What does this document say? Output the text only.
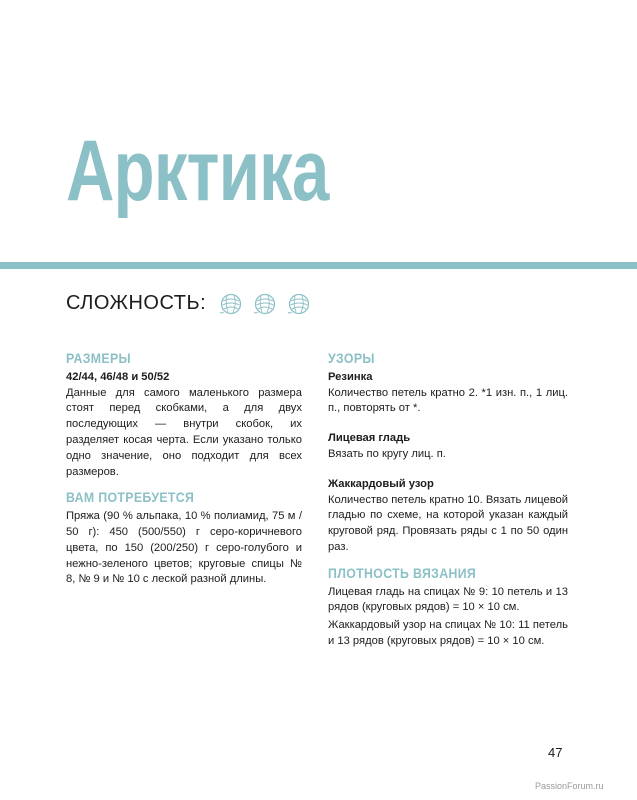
Арктика
СЛОЖНОСТЬ:

РАЗМЕРЫ

42/44, 46/48 и 50/52

Данные для самого маленького размера стоят перед скобками, а для двух последующих — внутри скобок, их разделяет косая черта. Если указано только одно значение, оно подходит для всех размеров.

ВАМ ПОТРЕБУЕТСЯ

Пряжа (90 % альпака, 10 % полиамид, 75 м / 50 г): 450 (500/550) г серо-коричневого цвета, по 150 (200/250) г серо-голубого и нежно-зеленого цветов; круговые спицы № 8, № 9 и № 10 с леской разной длины.

УЗОРЫ

Резинка

Количество петель кратно 2. *1 изн. п., 1 лиц. п., повторять от *.

Лицевая гладь

Вязать по кругу лиц. п.

Жаккардовый узор

Количество петель кратно 10. Вязать лицевой гладью по схеме, на которой указан каждый круговой ряд. Провязать ряды с 1 по 50 один раз.

ПЛОТНОСТЬ ВЯЗАНИЯ

Лицевая гладь на спицах № 9: 10 петель и 13 рядов (круговых рядов) = 10 × 10 см.

Жаккардовый узор на спицах № 10: 11 петель и 13 рядов (круговых рядов) = 10 × 10 см.

47
PassionForum.ru
